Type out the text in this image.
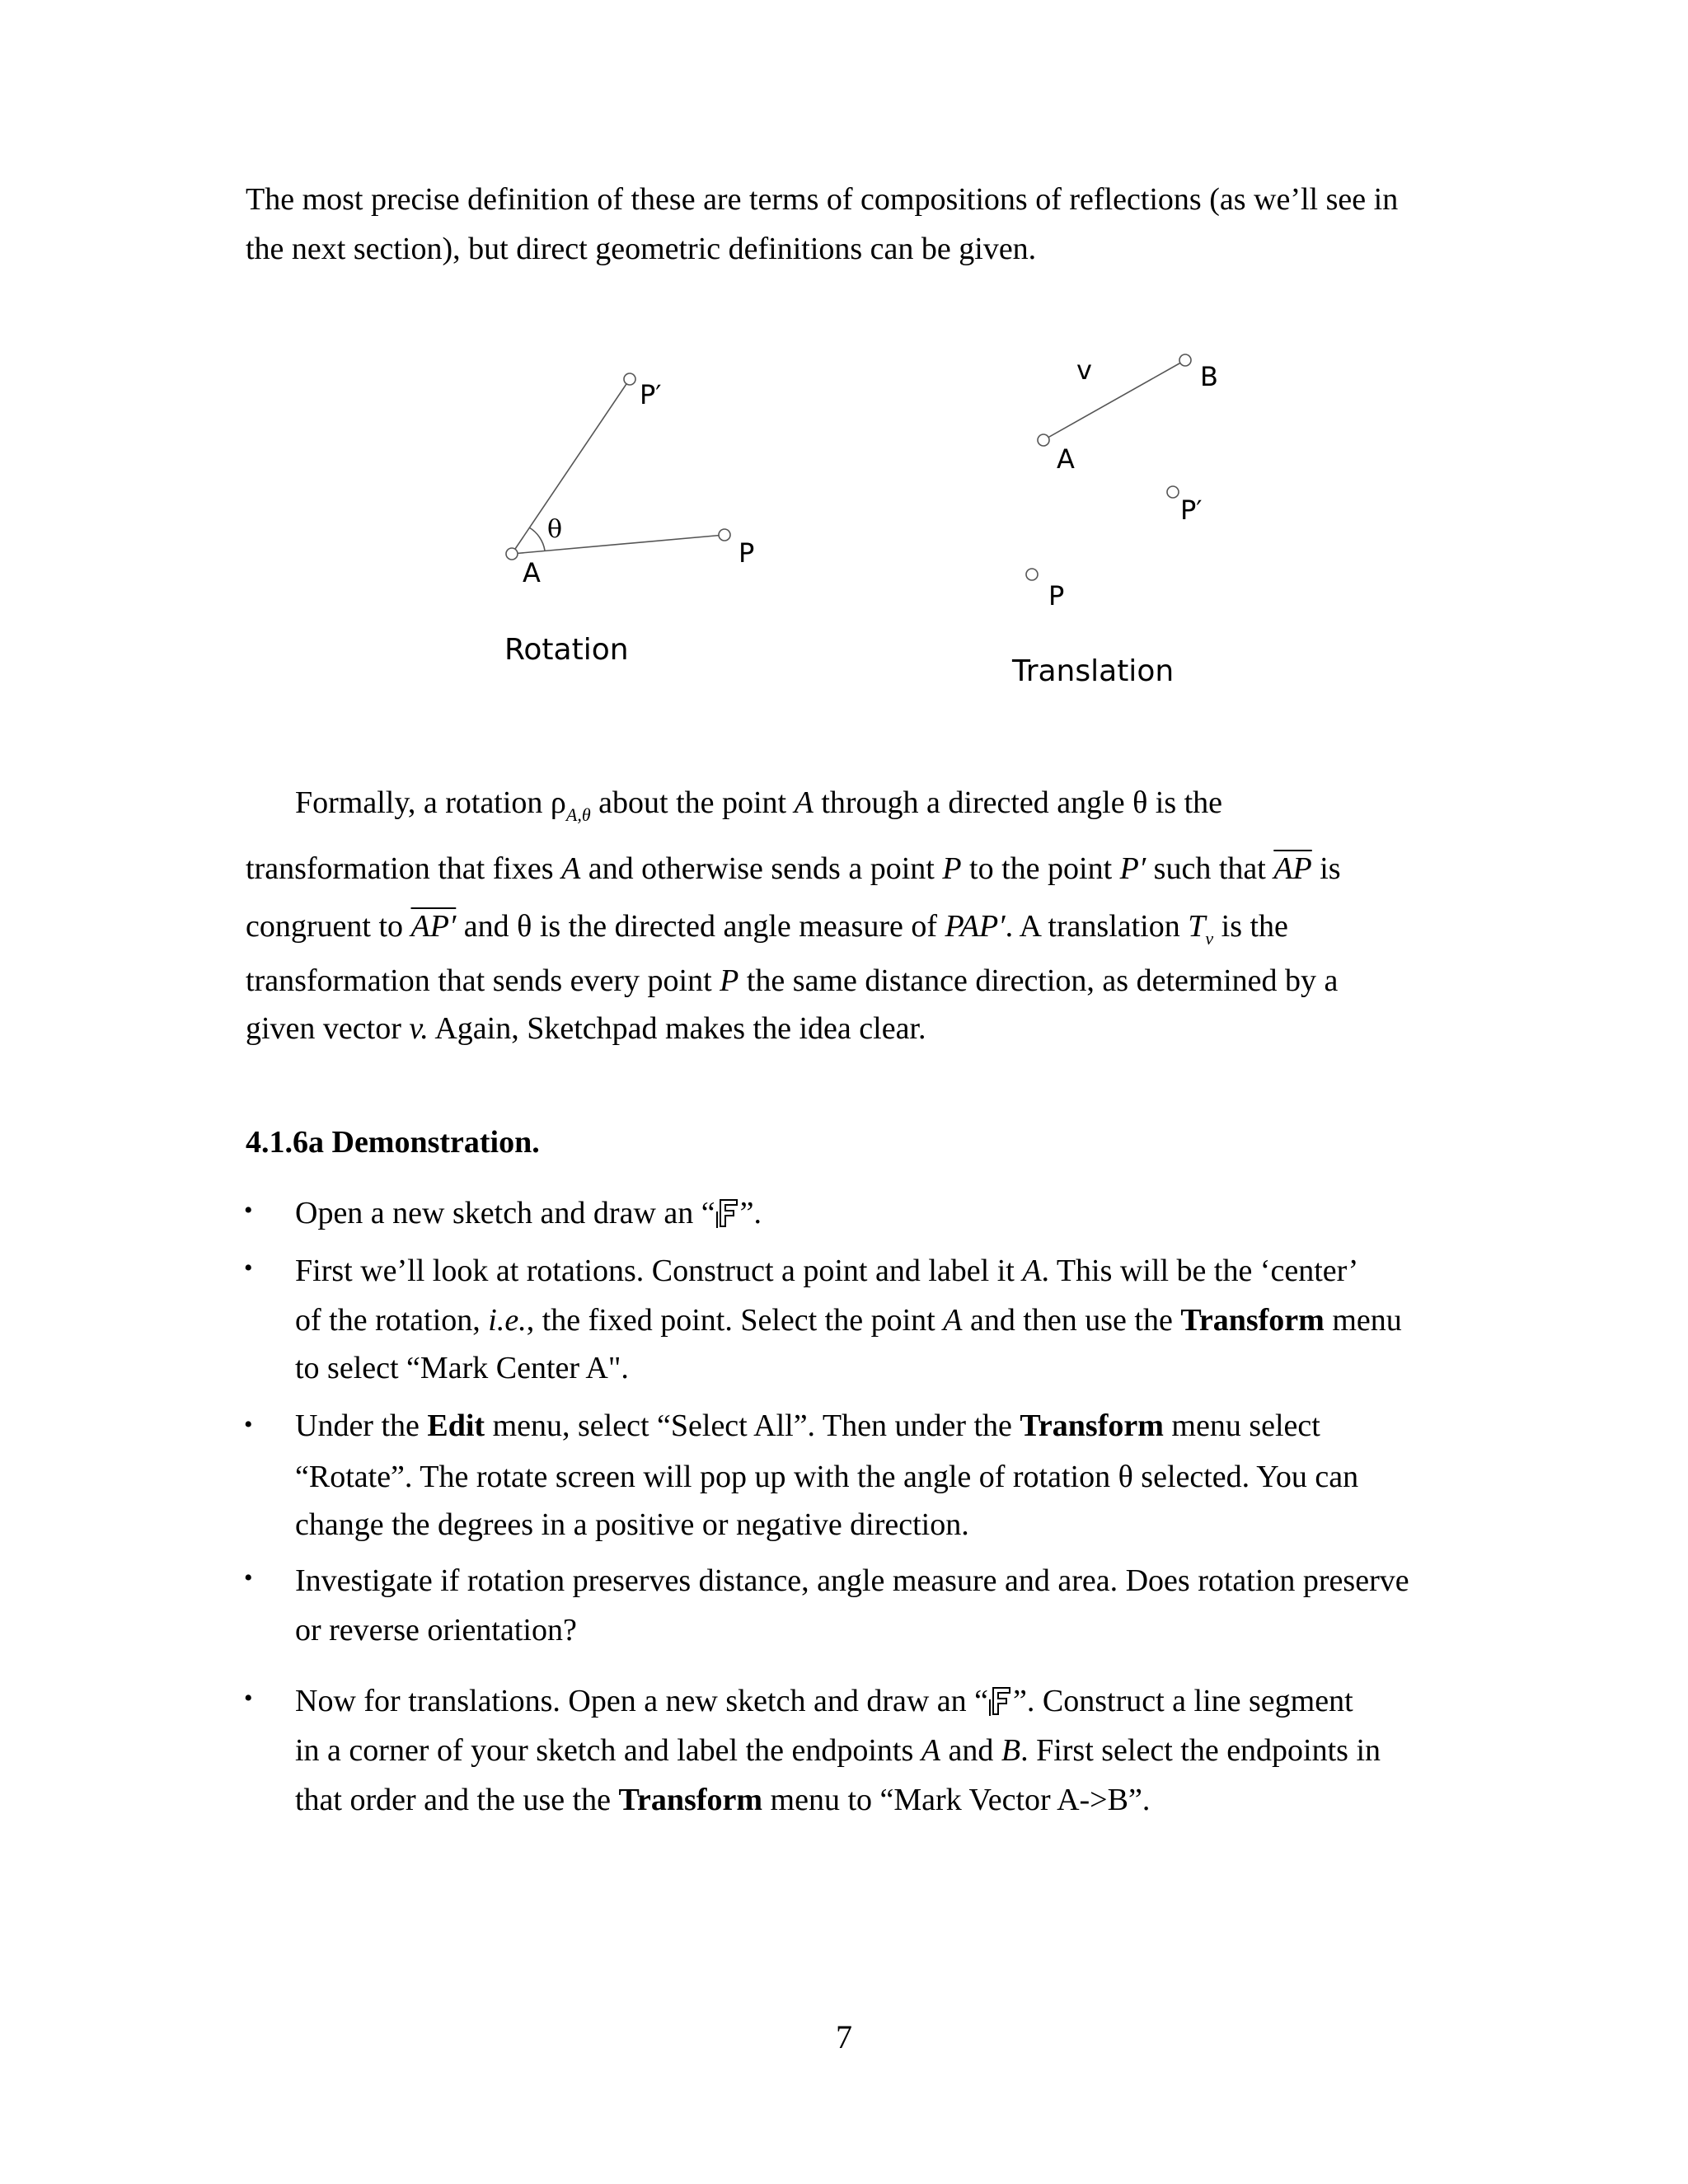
The most precise definition of these are terms of compositions of reflections (as we’ll see in
the next section), but direct geometric definitions can be given.
A
P
P′
θ
v	B
A
P′
P
Rotation
Translation
Formally, a rotation $\rho_{A,\theta}$ about the point A through a directed angle θ is the
transformation that fixes A and otherwise sends a point P to the point P′ such that $\overline{AP}$ is
congruent to AP′ and θ is the directed angle measure of PAP′. A translation $T_v$ is the
transformation that sends every point P the same distance direction, as determined by a
given vector v. Again, Sketchpad makes the idea clear.
4.1.6a Demonstration.
• Open a new sketch and draw an “ ”.
• First we’ll look at rotations. Construct a point and label it A. This will be the ‘center’
of the rotation, i.e., the fixed point. Select the point A and then use the Transform menu
to select “Mark Center A".
• Under the Edit menu, select “Select All”. Then under the Transform menu select
“Rotate”. The rotate screen will pop up with the angle of rotation θ selected. You can
change the degrees in a positive or negative direction.
• Investigate if rotation preserves distance, angle measure and area. Does rotation preserve
or reverse orientation?
• Now for translations. Open a new sketch and draw an “ ”. Construct a line segment
in a corner of your sketch and label the endpoints A and B. First select the endpoints in
that order and the use the Transform menu to “Mark Vector A->B”.
7
